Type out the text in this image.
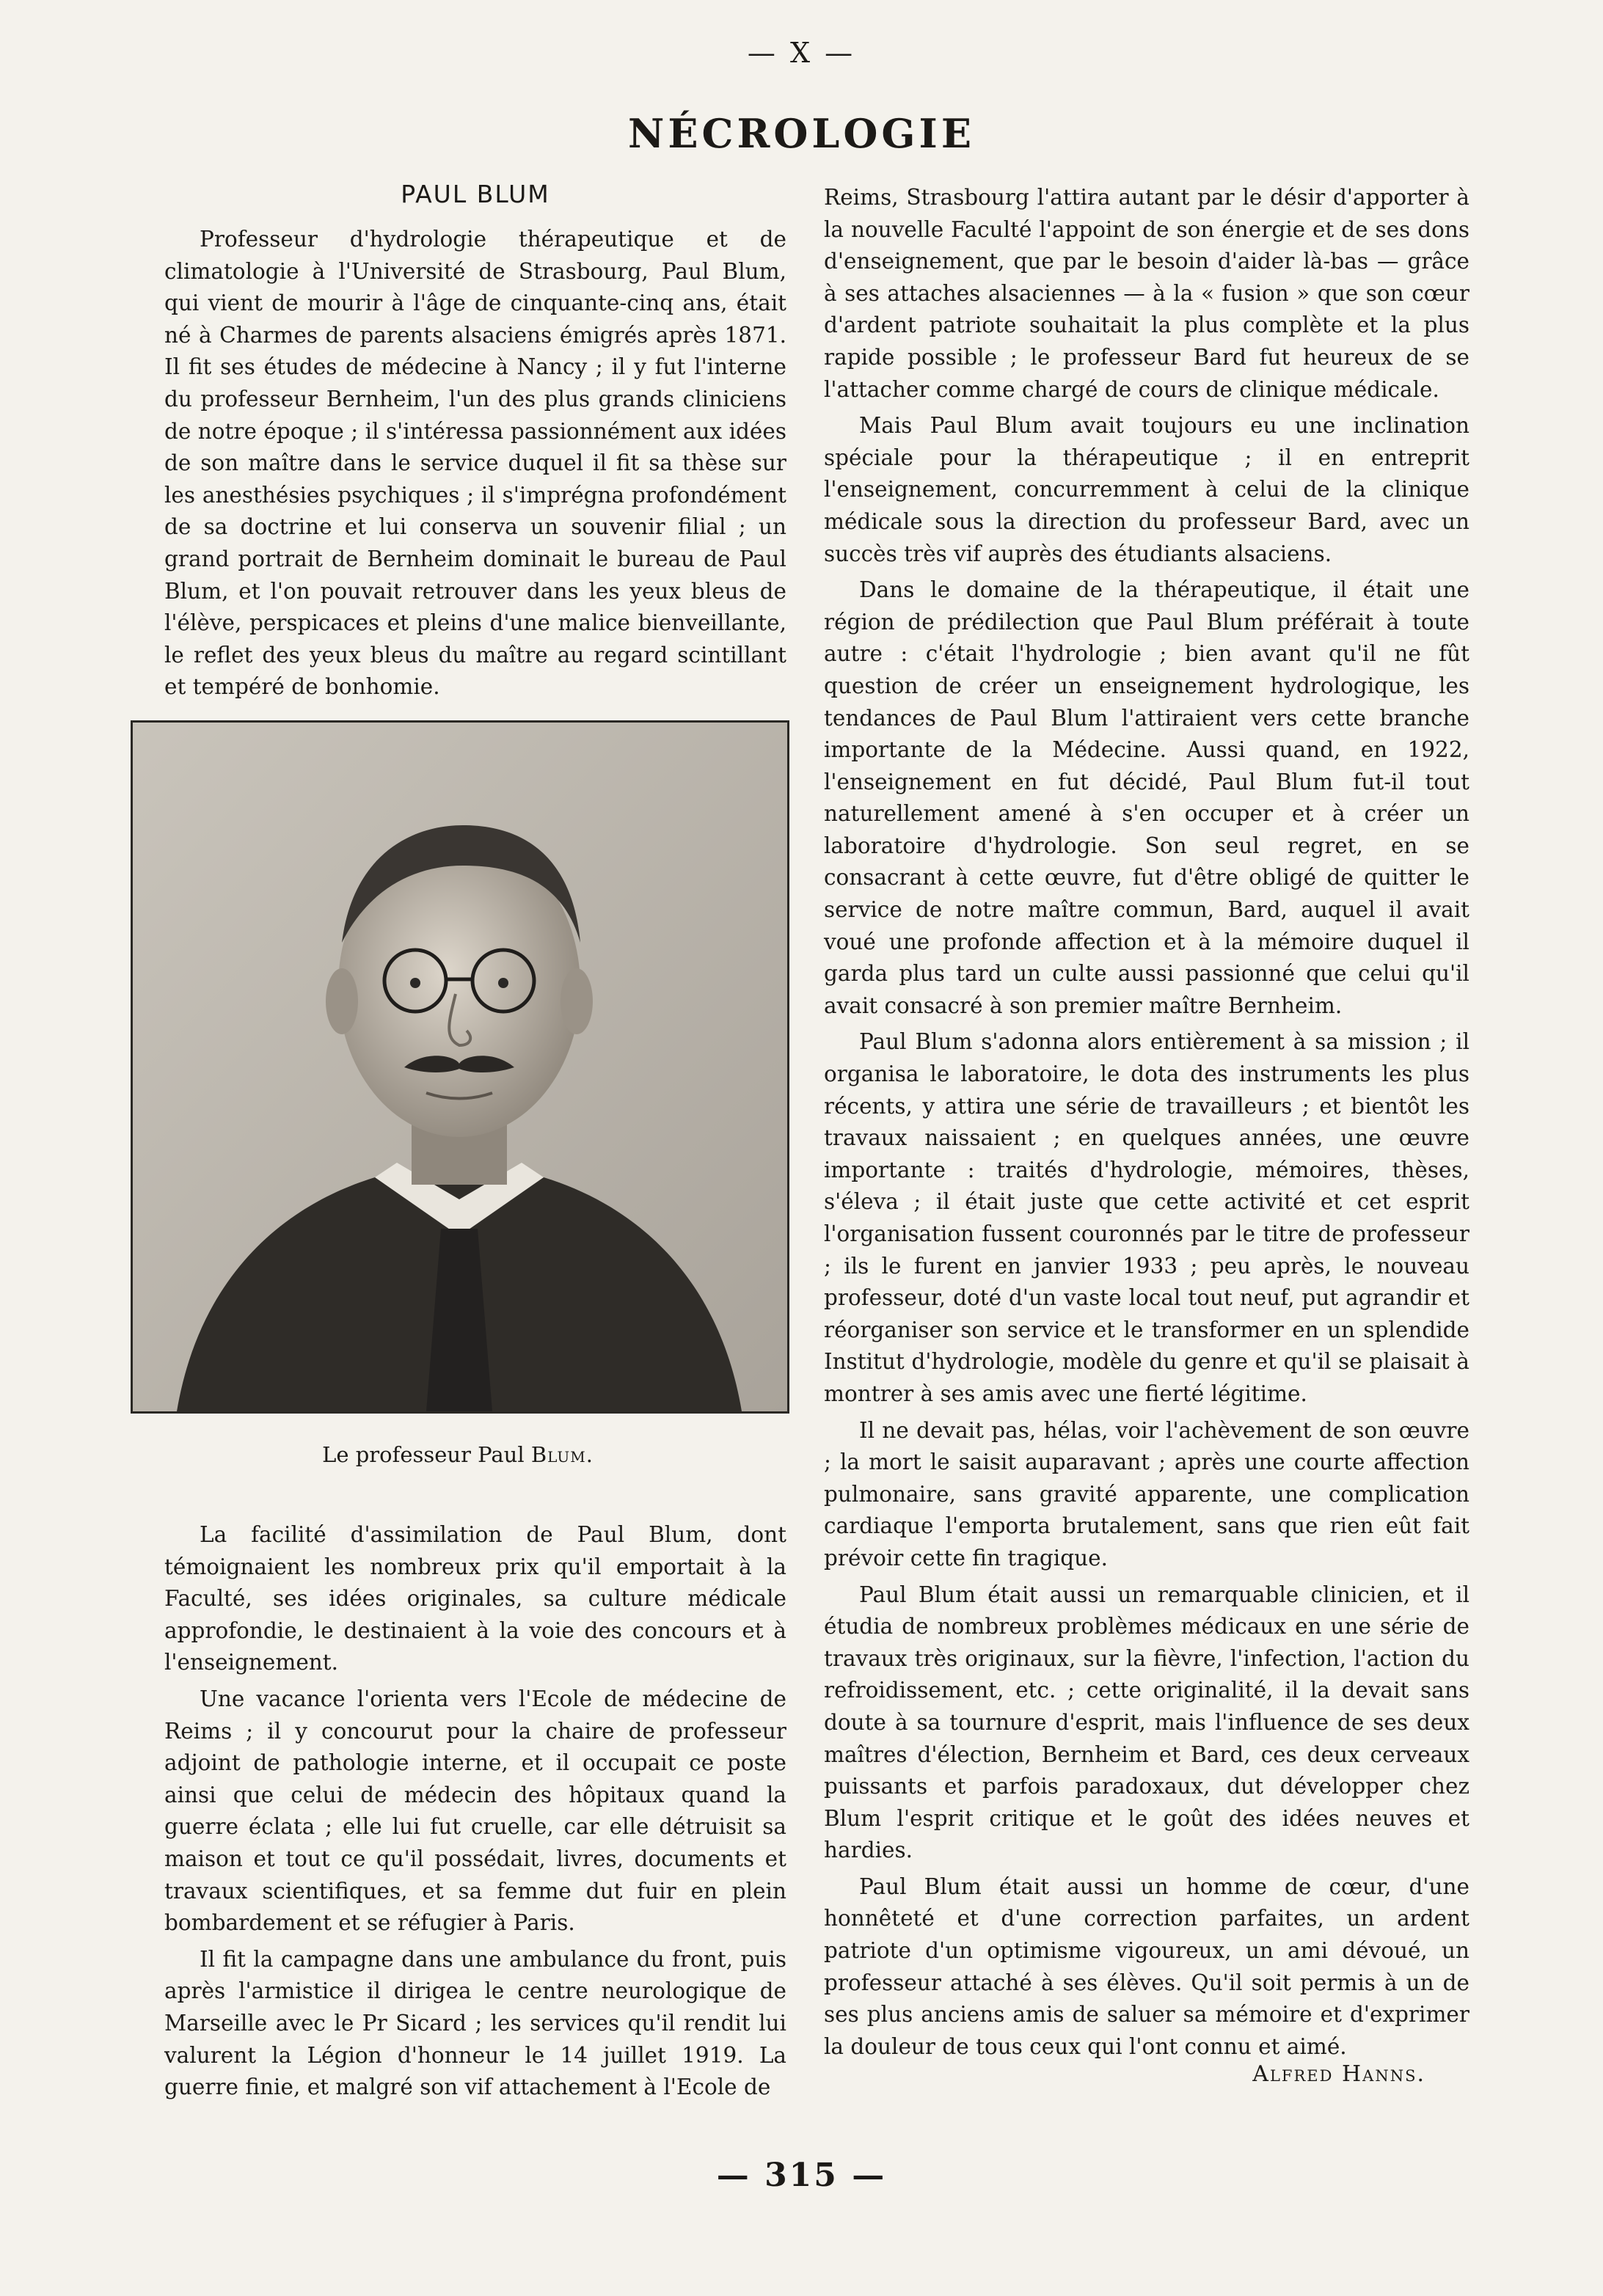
— X —
NÉCROLOGIE
PAUL BLUM

Professeur d'hydrologie thérapeutique et de climatologie à l'Université de Strasbourg, Paul Blum, qui vient de mourir à l'âge de cinquante-cinq ans, était né à Charmes de parents alsaciens émigrés après 1871. Il fit ses études de médecine à Nancy ; il y fut l'interne du professeur Bernheim, l'un des plus grands cliniciens de notre époque ; il s'intéressa passionnément aux idées de son maître dans le service duquel il fit sa thèse sur les anesthésies psychiques ; il s'imprégna profondément de sa doctrine et lui conserva un souvenir filial ; un grand portrait de Bernheim dominait le bureau de Paul Blum, et l'on pouvait retrouver dans les yeux bleus de l'élève, perspicaces et pleins d'une malice bienveillante, le reflet des yeux bleus du maître au regard scintillant et tempéré de bonhomie.

Le professeur Paul Blum.

La facilité d'assimilation de Paul Blum, dont témoignaient les nombreux prix qu'il emportait à la Faculté, ses idées originales, sa culture médicale approfondie, le destinaient à la voie des concours et à l'enseignement.

Une vacance l'orienta vers l'Ecole de médecine de Reims ; il y concourut pour la chaire de professeur adjoint de pathologie interne, et il occupait ce poste ainsi que celui de médecin des hôpitaux quand la guerre éclata ; elle lui fut cruelle, car elle détruisit sa maison et tout ce qu'il possédait, livres, documents et travaux scientifiques, et sa femme dut fuir en plein bombardement et se réfugier à Paris.

Il fit la campagne dans une ambulance du front, puis après l'armistice il dirigea le centre neurologique de Marseille avec le Pr Sicard ; les services qu'il rendit lui valurent la Légion d'honneur le 14 juillet 1919. La guerre finie, et malgré son vif attachement à l'Ecole de

Reims, Strasbourg l'attira autant par le désir d'apporter à la nouvelle Faculté l'appoint de son énergie et de ses dons d'enseignement, que par le besoin d'aider là-bas — grâce à ses attaches alsaciennes — à la « fusion » que son cœur d'ardent patriote souhaitait la plus complète et la plus rapide possible ; le professeur Bard fut heureux de se l'attacher comme chargé de cours de clinique médicale.

Mais Paul Blum avait toujours eu une inclination spéciale pour la thérapeutique ; il en entreprit l'enseignement, concurremment à celui de la clinique médicale sous la direction du professeur Bard, avec un succès très vif auprès des étudiants alsaciens.

Dans le domaine de la thérapeutique, il était une région de prédilection que Paul Blum préférait à toute autre : c'était l'hydrologie ; bien avant qu'il ne fût question de créer un enseignement hydrologique, les tendances de Paul Blum l'attiraient vers cette branche importante de la Médecine. Aussi quand, en 1922, l'enseignement en fut décidé, Paul Blum fut-il tout naturellement amené à s'en occuper et à créer un laboratoire d'hydrologie. Son seul regret, en se consacrant à cette œuvre, fut d'être obligé de quitter le service de notre maître commun, Bard, auquel il avait voué une profonde affection et à la mémoire duquel il garda plus tard un culte aussi passionné que celui qu'il avait consacré à son premier maître Bernheim.

Paul Blum s'adonna alors entièrement à sa mission ; il organisa le laboratoire, le dota des instruments les plus récents, y attira une série de travailleurs ; et bientôt les travaux naissaient ; en quelques années, une œuvre importante : traités d'hydrologie, mémoires, thèses, s'éleva ; il était juste que cette activité et cet esprit l'organisation fussent couronnés par le titre de professeur ; ils le furent en janvier 1933 ; peu après, le nouveau professeur, doté d'un vaste local tout neuf, put agrandir et réorganiser son service et le transformer en un splendide Institut d'hydrologie, modèle du genre et qu'il se plaisait à montrer à ses amis avec une fierté légitime.

Il ne devait pas, hélas, voir l'achèvement de son œuvre ; la mort le saisit auparavant ; après une courte affection pulmonaire, sans gravité apparente, une complication cardiaque l'emporta brutalement, sans que rien eût fait prévoir cette fin tragique.

Paul Blum était aussi un remarquable clinicien, et il étudia de nombreux problèmes médicaux en une série de travaux très originaux, sur la fièvre, l'infection, l'action du refroidissement, etc. ; cette originalité, il la devait sans doute à sa tournure d'esprit, mais l'influence de ses deux maîtres d'élection, Bernheim et Bard, ces deux cerveaux puissants et parfois paradoxaux, dut développer chez Blum l'esprit critique et le goût des idées neuves et hardies.

Paul Blum était aussi un homme de cœur, d'une honnêteté et d'une correction parfaites, un ardent patriote d'un optimisme vigoureux, un ami dévoué, un professeur attaché à ses élèves. Qu'il soit permis à un de ses plus anciens amis de saluer sa mémoire et d'exprimer la douleur de tous ceux qui l'ont connu et aimé.

Alfred Hanns.
— 315 —
